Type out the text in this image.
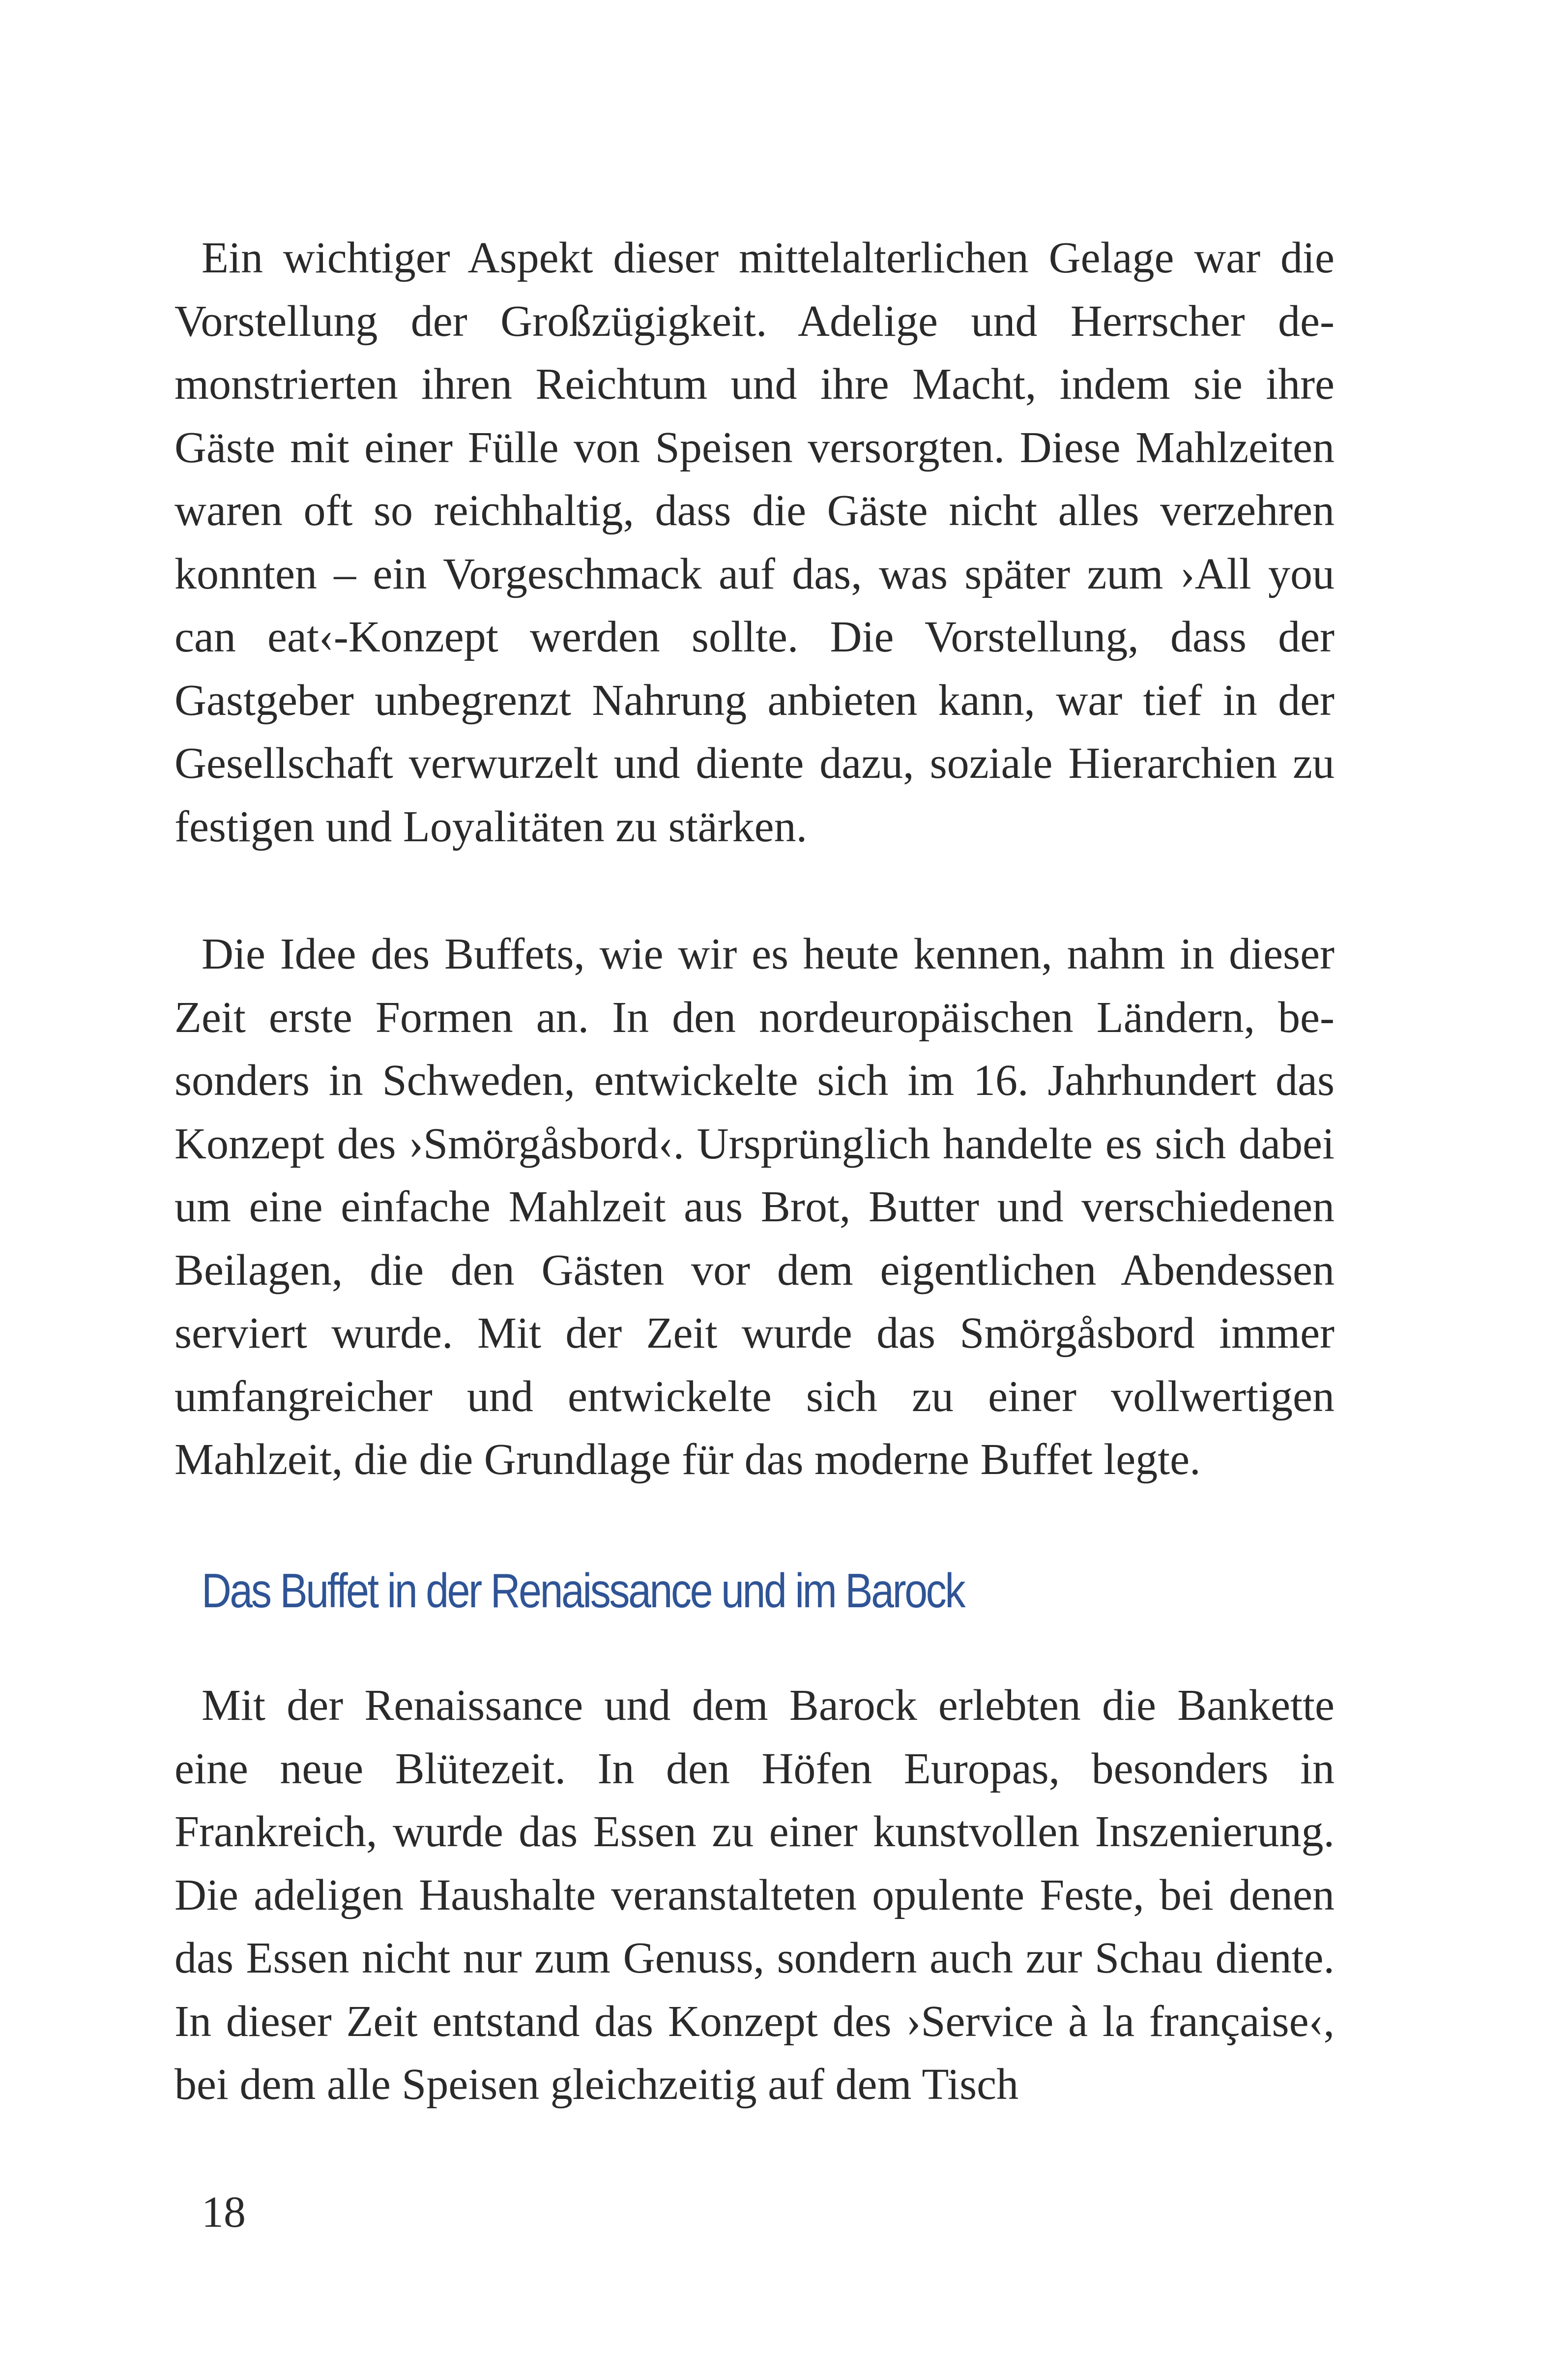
Ein wichtiger Aspekt dieser mittelalterlichen Gelage war die Vorstellung der Großzügigkeit. Adelige und Herrscher demonstrierten ihren Reichtum und ihre Macht, indem sie ihre Gäste mit einer Fülle von Speisen versorgten. Diese Mahlzeiten waren oft so reichhaltig, dass die Gäste nicht alles verzehren konnten – ein Vorgeschmack auf das, was später zum ›All you can eat‹-Konzept werden sollte. Die Vorstellung, dass der Gastgeber unbegrenzt Nahrung anbieten kann, war tief in der Gesellschaft verwurzelt und diente dazu, soziale Hierarchien zu festigen und Loyalitäten zu stärken.

Die Idee des Buffets, wie wir es heute kennen, nahm in dieser Zeit erste Formen an. In den nordeuropäischen Ländern, besonders in Schweden, entwickelte sich im 16. Jahrhundert das Konzept des ›Smörgåsbord‹. Ursprünglich handelte es sich dabei um eine einfache Mahlzeit aus Brot, Butter und verschiedenen Beilagen, die den Gästen vor dem eigentlichen Abendessen serviert wurde. Mit der Zeit wurde das Smörgåsbord immer umfangreicher und entwickelte sich zu einer vollwertigen Mahlzeit, die die Grundlage für das moderne Buffet legte.

Das Buffet in der Renaissance und im Barock

Mit der Renaissance und dem Barock erlebten die Bankette eine neue Blütezeit. In den Höfen Europas, besonders in Frankreich, wurde das Essen zu einer kunstvollen Inszenierung. Die adeligen Haushalte veranstalteten opulente Feste, bei denen das Essen nicht nur zum Genuss, sondern auch zur Schau diente. In dieser Zeit entstand das Konzept des ›Service à la française‹, bei dem alle Speisen gleichzeitig auf dem Tisch

18
